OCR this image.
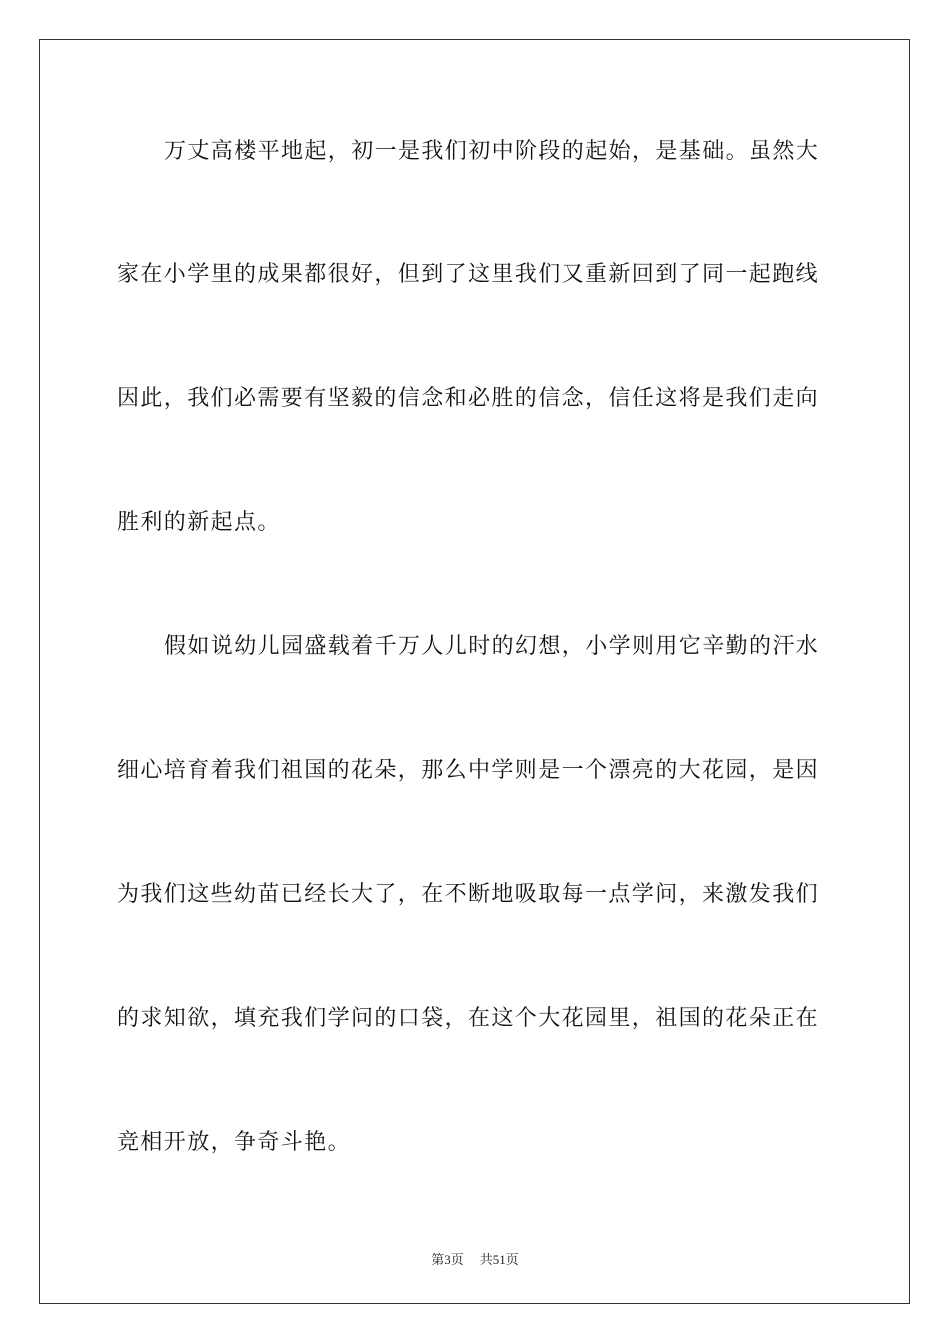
万丈高楼平地起，初一是我们初中阶段的起始，是基础。虽然大
家在小学里的成果都很好，但到了这里我们又重新回到了同一起跑线
因此，我们必需要有坚毅的信念和必胜的信念，信任这将是我们走向
胜利的新起点。
假如说幼儿园盛载着千万人儿时的幻想，小学则用它辛勤的汗水
细心培育着我们祖国的花朵，那么中学则是一个漂亮的大花园，是因
为我们这些幼苗已经长大了，在不断地吸取每一点学问，来激发我们
的求知欲，填充我们学问的口袋，在这个大花园里，祖国的花朵正在
竞相开放，争奇斗艳。
第3页 共51页
